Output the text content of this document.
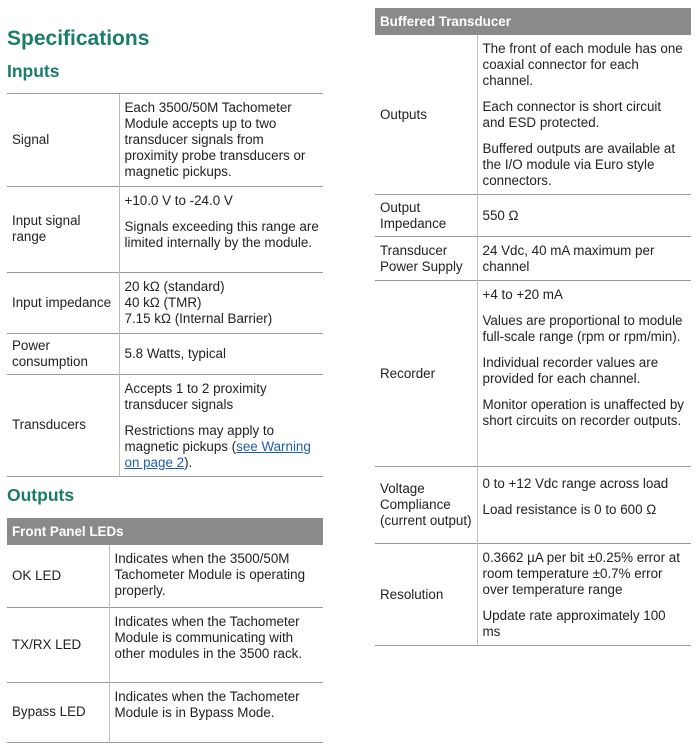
Specifications
Inputs
Signal	Each 3500/50M Tachometer Module accepts up to two transducer signals from proximity probe transducers or magnetic pickups.

Input signal range	+10.0 V to -24.0 V

Signals exceeding this range are limited internally by the module.

Input impedance	20 kΩ (standard)
40 kΩ (TMR)
7.15 kΩ (Internal Barrier)

Power consumption	5.8 Watts, typical

Transducers	Accepts 1 to 2 proximity transducer signals

Restrictions may apply to magnetic pickups (see Warning on page 2).

Outputs
Front Panel LEDs
OK LED	Indicates when the 3500/50M Tachometer Module is operating properly.

TX/RX LED	Indicates when the Tachometer Module is communicating with other modules in the 3500 rack.

Bypass LED	Indicates when the Tachometer Module is in Bypass Mode.

Buffered Transducer
Outputs	The front of each module has one coaxial connector for each channel.

Each connector is short circuit and ESD protected.

Buffered outputs are available at the I/O module via Euro style connectors.

Output Impedance	550 Ω

Transducer Power Supply	24 Vdc, 40 mA maximum per channel

Recorder	+4 to +20 mA

Values are proportional to module full-scale range (rpm or rpm/min).

Individual recorder values are provided for each channel.

Monitor operation is unaffected by short circuits on recorder outputs.

Voltage Compliance (current output)	0 to +12 Vdc range across load

Load resistance is 0 to 600 Ω

Resolution	0.3662 µA per bit ±0.25% error at room temperature ±0.7% error over temperature range

Update rate approximately 100 ms
